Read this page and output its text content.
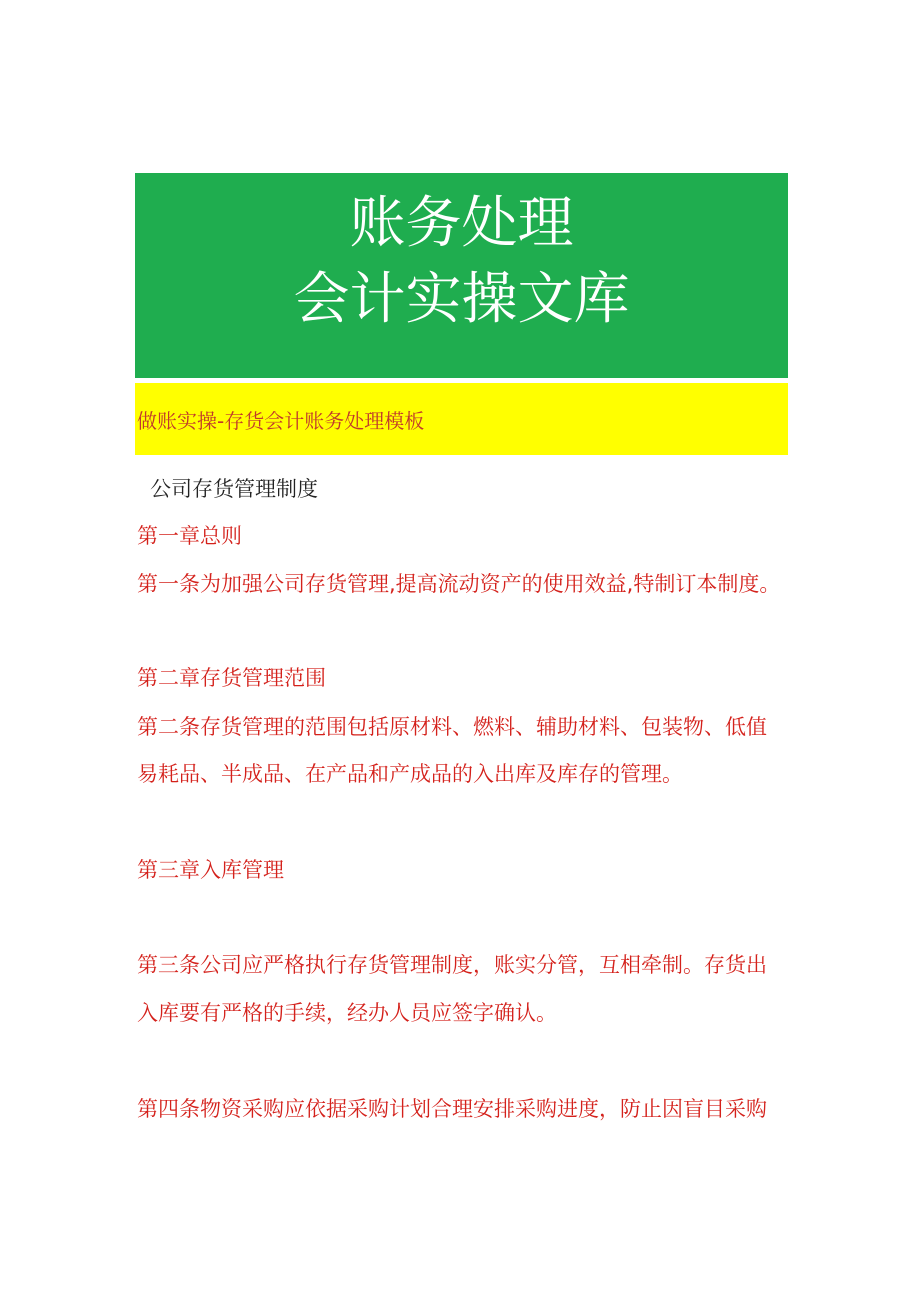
账务处理
会计实操文库
做账实操-存货会计账务处理模板
公司存货管理制度
第一章总则
第一条为加强公司存货管理,提高流动资产的使用效益,特制订本制度。
第二章存货管理范围
第二条存货管理的范围包括原材料、燃料、辅助材料、包装物、低值
易耗品、半成品、在产品和产成品的入出库及库存的管理。
第三章入库管理
第三条公司应严格执行存货管理制度，账实分管，互相牵制。存货出
入库要有严格的手续，经办人员应签字确认。
第四条物资采购应依据采购计划合理安排采购进度，防止因盲目采购
